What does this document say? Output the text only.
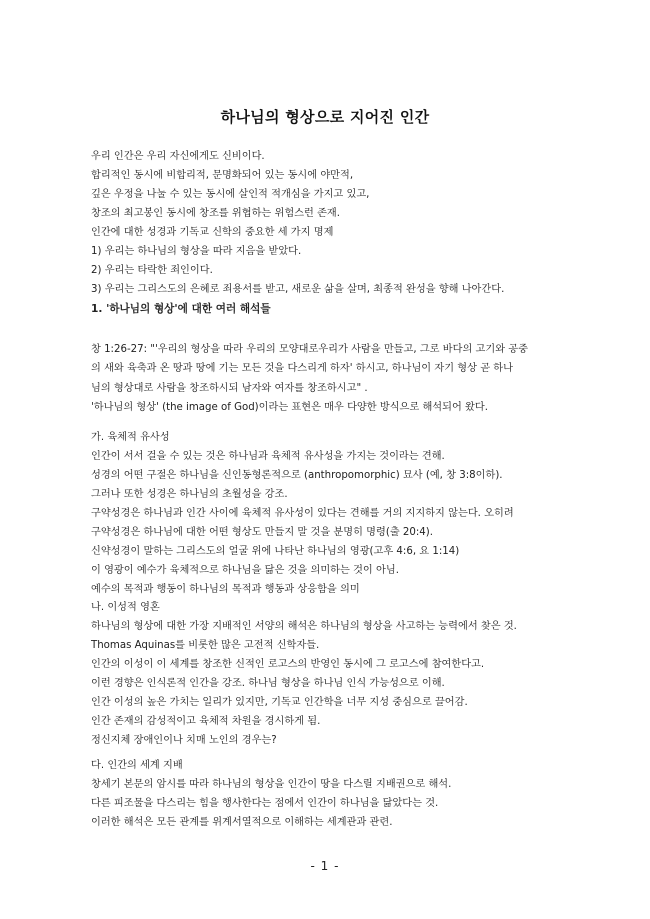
하나님의 형상으로 지어진 인간
우리 인간은 우리 자신에게도 신비이다.
합리적인 동시에 비합리적, 문명화되어 있는 동시에 야만적,
깊은 우정을 나눌 수 있는 동시에 살인적 적개심을 가지고 있고,
창조의 최고봉인 동시에 창조를 위협하는 위험스런 존재.
인간에 대한 성경과 기독교 신학의 중요한 세 가지 명제
1) 우리는 하나님의 형상을 따라 지음을 받았다.
2) 우리는 타락한 죄인이다.
3) 우리는 그리스도의 은혜로 죄용서를 받고, 새로운 삶을 살며, 최종적 완성을 향해 나아간다.
1. '하나님의 형상'에 대한 여러 해석들
창 1:26-27: "'우리의 형상을 따라 우리의 모양대로우리가 사람을 만들고, 그로 바다의 고기와 공중
의 새와 육축과 온 땅과 땅에 기는 모든 것을 다스리게 하자' 하시고, 하나님이 자기 형상 곧 하나
님의 형상대로 사람을 창조하시되 남자와 여자를 창조하시고" .
'하나님의 형상' (the image of God)이라는 표현은 매우 다양한 방식으로 해석되어 왔다.
가. 육체적 유사성
인간이 서서 걸을 수 있는 것은 하나님과 육체적 유사성을 가지는 것이라는 견해.
성경의 어떤 구절은 하나님을 신인동형론적으로 (anthropomorphic) 묘사 (예, 창 3:8이하).
그러나 또한 성경은 하나님의 초월성을 강조.
구약성경은 하나님과 인간 사이에 육체적 유사성이 있다는 견해를 거의 지지하지 않는다. 오히려
구약성경은 하나님에 대한 어떤 형상도 만들지 말 것을 분명히 명령(출 20:4).
신약성경이 말하는 그리스도의 얼굴 위에 나타난 하나님의 영광(고후 4:6, 요 1:14)
이 영광이 예수가 육체적으로 하나님을 닮은 것을 의미하는 것이 아님.
예수의 목적과 행동이 하나님의 목적과 행동과 상응함을 의미
나. 이성적 영혼
하나님의 형상에 대한 가장 지배적인 서양의 해석은 하나님의 형상을 사고하는 능력에서 찾은 것.
Thomas Aquinas를 비롯한 많은 고전적 신학자들.
인간의 이성이 이 세계를 창조한 신적인 로고스의 반영인 동시에 그 로고스에 참여한다고.
이런 경향은 인식론적 인간을 강조. 하나님 형상을 하나님 인식 가능성으로 이해.
인간 이성의 높은 가치는 일리가 있지만, 기독교 인간학을 너무 지성 중심으로 끌어감.
인간 존재의 감성적이고 육체적 차원을 경시하게 됨.
정신지체 장애인이나 치매 노인의 경우는?
다. 인간의 세계 지배
창세기 본문의 암시를 따라 하나님의 형상을 인간이 땅을 다스릴 지배권으로 해석.
다른 피조물을 다스리는 힘을 행사한다는 점에서 인간이 하나님을 닮았다는 것.
이러한 해석은 모든 관계를 위계서열적으로 이해하는 세계관과 관련.
- 1 -
